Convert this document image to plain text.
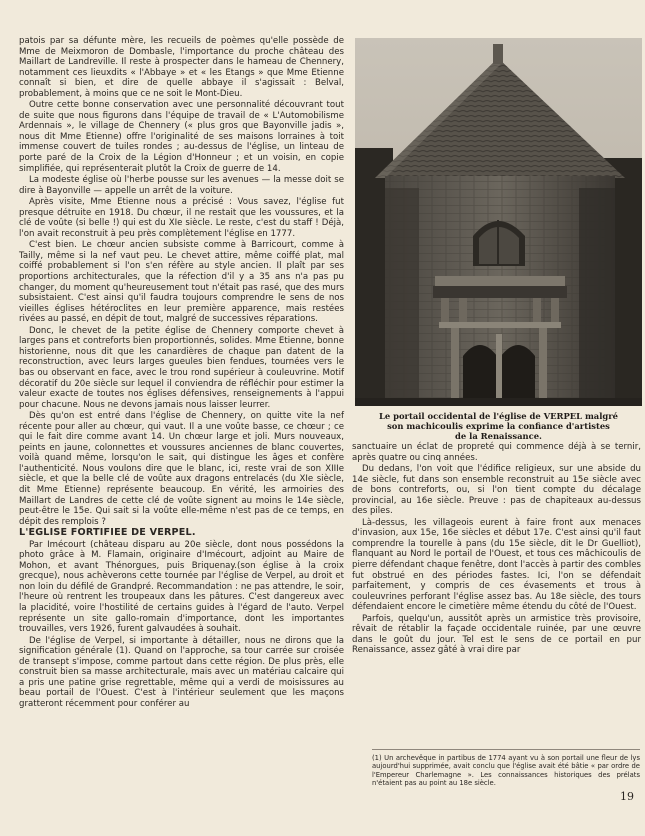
patois par sa défunte mère, les recueils de poèmes qu'elle possède de Mme de Meixmoron de Dombasle, l'importance du proche château des Maillart de Landreville. Il reste à prospecter dans le hameau de Chennery, notamment ces lieuxdits « l'Abbaye » et « les Etangs » que Mme Etienne connaît si bien, et dire de quelle abbaye il s'agissait : Belval, probablement, à moins que ce ne soit le Mont-Dieu.

Outre cette bonne conservation avec une personnalité découvrant tout de suite que nous figurons dans l'équipe de travail de « L'Automobilisme Ardennais », le village de Chennery (« plus gros que Bayonville jadis », nous dit Mme Etienne) offre l'originalité de ses maisons lorraines à toit immense couvert de tuiles rondes ; au-dessus de l'église, un linteau de porte paré de la Croix de la Légion d'Honneur ; et un voisin, en copie simplifiée, qui représenterait plutôt la Croix de guerre de 14.

La modeste église où l'herbe pousse sur les avenues — la messe doit se dire à Bayonville — appelle un arrêt de la voiture.

Après visite, Mme Etienne nous a précisé : Vous savez, l'église fut presque détruite en 1918. Du chœur, il ne restait que les voussures, et la clé de voûte (si belle !) qui est du XIe siècle. Le reste, c'est du staff ! Déjà, l'on avait reconstruit à peu près complètement l'église en 1777.

C'est bien. Le chœur ancien subsiste comme à Barricourt, comme à Tailly, même si la nef vaut peu. Le chevet attire, même coiffé plat, mal coiffé probablement si l'on s'en réfère au style ancien. Il plaît par ses proportions architecturales, que la réfection d'il y a 35 ans n'a pas pu changer, du moment qu'heureusement tout n'était pas rasé, que des murs subsistaient. C'est ainsi qu'il faudra toujours comprendre le sens de nos vieilles églises hétéroclites en leur première apparence, mais restées rivées au passé, en dépit de tout, malgré de successives réparations.

Donc, le chevet de la petite église de Chennery comporte chevet à larges pans et contreforts bien proportionnés, solides. Mme Etienne, bonne historienne, nous dit que les canardières de chaque pan datent de la reconstruction, avec leurs larges gueules bien fendues, tournées vers le bas ou observant en face, avec le trou rond supérieur à couleuvrine. Motif décoratif du 20e siècle sur lequel il conviendra de réfléchir pour estimer la valeur exacte de toutes nos églises défensives, renseignements à l'appui pour chacune. Nous ne devons jamais nous laisser leurrer.

Dès qu'on est entré dans l'église de Chennery, on quitte vite la nef récente pour aller au chœur, qui vaut. Il a une voûte basse, ce chœur ; ce qui le fait dire comme avant 14. Un chœur large et joli. Murs nouveaux, peints en jaune, colonnettes et voussures anciennes de blanc couvertes, voilà quand même, lorsqu'on le sait, qui distingue les âges et confère l'authenticité. Nous voulons dire que le blanc, ici, reste vrai de son XIIIe siècle, et que la belle clé de voûte aux dragons entrelacés (du XIe siècle, dit Mme Etienne) représente beaucoup. En vérité, les armoiries des Maillart de Landres de cette clé de voûte signent au moins le 14e siècle, peut-être le 15e. Qui sait si la voûte elle-même n'est pas de ce temps, en dépit des remplois ?

L'EGLISE FORTIFIEE DE VERPEL.

Par Imécourt (château disparu au 20e siècle, dont nous possédons la photo grâce à M. Flamain, originaire d'Imécourt, adjoint au Maire de Mohon, et avant Thénorgues, puis Briquenay.(son église à la croix grecque), nous achèverons cette tournée par l'église de Verpel, au droit et non loin du défilé de Grandpré. Recommandation : ne pas attendre, le soir, l'heure où rentrent les troupeaux dans les pâtures. C'est dangereux avec la placidité, voire l'hostilité de certains guides à l'égard de l'auto. Verpel représente un site gallo-romain d'importance, dont les importantes trouvailles, vers 1926, furent galvaudées à souhait.

De l'église de Verpel, si importante à détailler, nous ne dirons que la signification générale (1). Quand on l'approche, sa tour carrée sur croisée de transept s'impose, comme partout dans cette région. De plus près, elle construit bien sa masse architecturale, mais avec un matériau calcaire qui a pris une patine grise regrettable, même qui a verdi de moisissures au beau portail de l'Ouest. C'est à l'intérieur seulement que les maçons gratteront récemment pour conférer au

Le portail occidental de l'église de VERPEL malgré
son machicoulis exprime la confiance d'artistes
de la Renaissance.

sanctuaire un éclat de propreté qui commence déjà à se ternir, après quatre ou cinq années.

Du dedans, l'on voit que l'édifice religieux, sur une abside du 14e siècle, fut dans son ensemble reconstruit au 15e siècle avec de bons contreforts, ou, si l'on tient compte du décalage provincial, au 16e siècle. Preuve : pas de chapiteaux au-dessus des piles.

Là-dessus, les villageois eurent à faire front aux menaces d'invasion, aux 15e, 16e siècles et début 17e. C'est ainsi qu'il faut comprendre la tourelle à pans (du 15e siècle, dit le Dr Guelliot), flanquant au Nord le portail de l'Ouest, et tous ces mâchicoulis de pierre défendant chaque fenêtre, dont l'accès à partir des combles fut obstrué en des périodes fastes. Ici, l'on se défendait parfaitement, y compris de ces évasements et trous à couleuvrines perforant l'église assez bas. Au 18e siècle, des tours défendaient encore le cimetière même étendu du côté de l'Ouest.

Parfois, quelqu'un, aussitôt après un armistice très provisoire, rêvait de rétablir la façade occidentale ruinée, par une œuvre dans le goût du jour. Tel est le sens de ce portail en pur Renaissance, assez gâté à vrai dire par

(1) Un archevêque in partibus de 1774 ayant vu à son portail une fleur de lys aujourd'hui supprimée, avait conclu que l'église avait été bâtie « par ordre de l'Empereur Charlemagne ». Les connaissances historiques des prélats n'étaient pas au point au 18e siècle.
19
